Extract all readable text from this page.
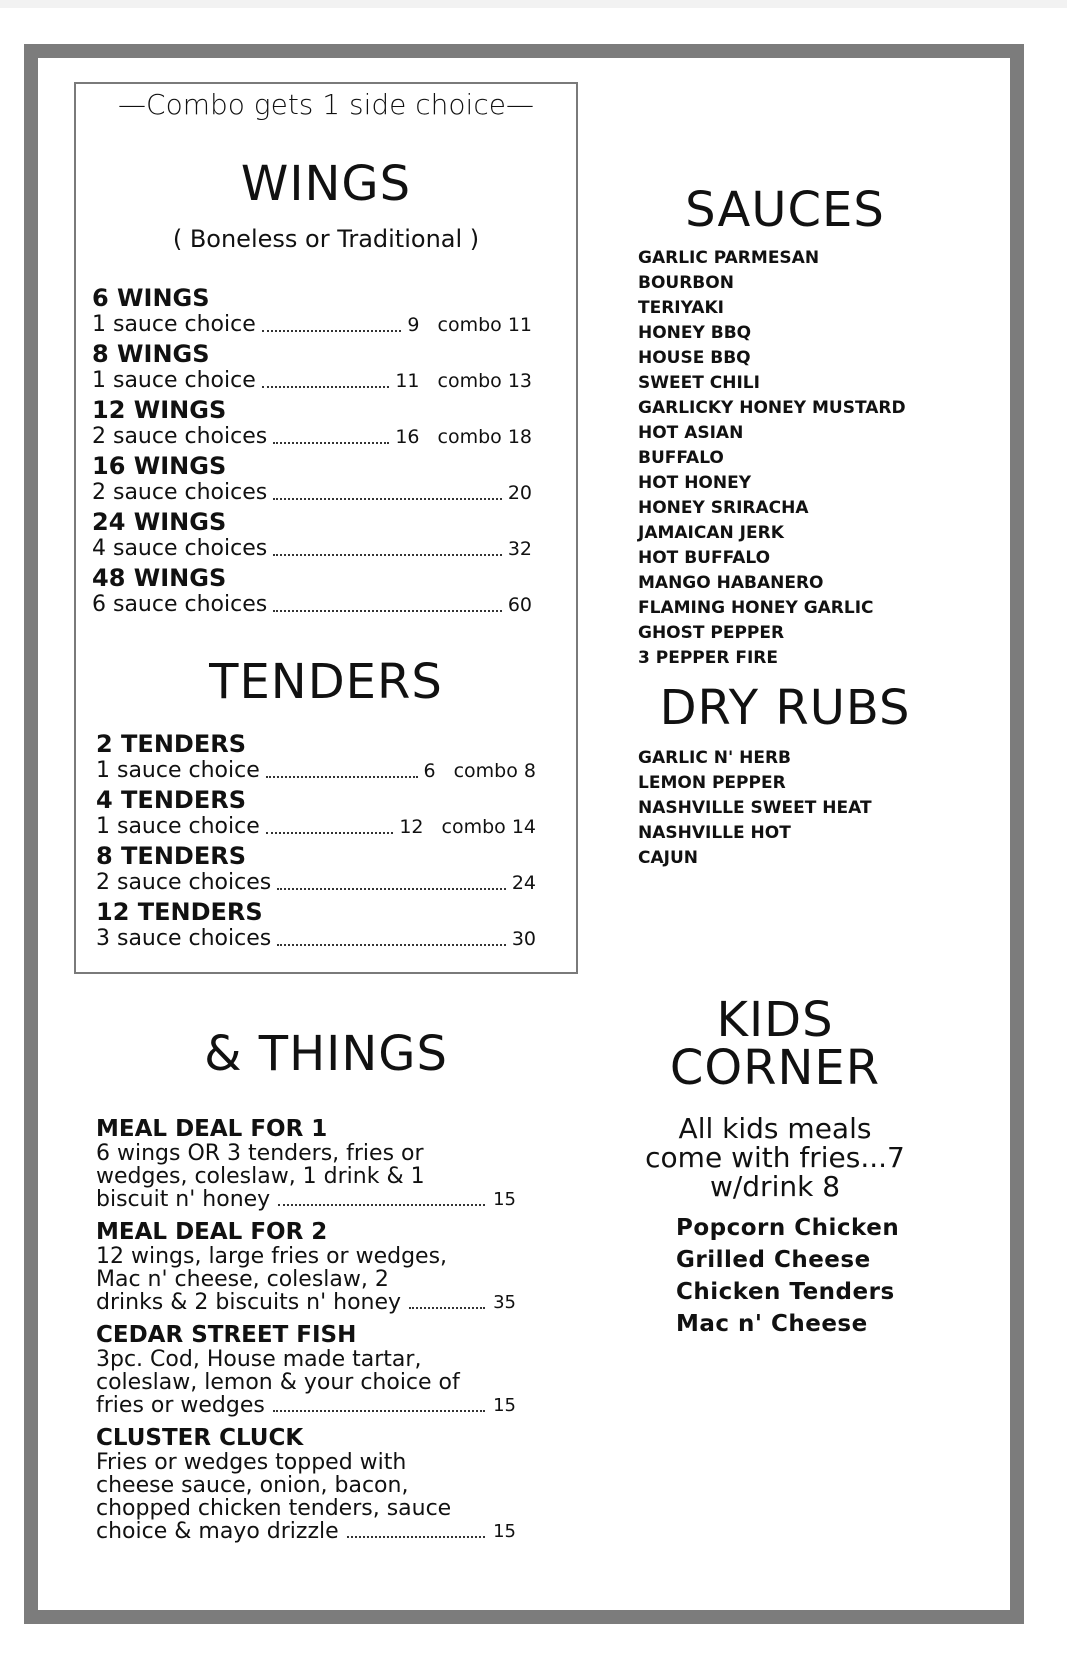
—Combo gets 1 side choice—
WINGS
( Boneless or Traditional )
6 WINGS
1 sauce choice	9 combo 11
8 WINGS
1 sauce choice	11 combo 13
12 WINGS
2 sauce choices	16 combo 18
16 WINGS
2 sauce choices	20
24 WINGS
4 sauce choices	32
48 WINGS
6 sauce choices	60
TENDERS
2 TENDERS
1 sauce choice	6 combo 8
4 TENDERS
1 sauce choice	12 combo 14
8 TENDERS
2 sauce choices	24
12 TENDERS
3 sauce choices	30
SAUCES
GARLIC PARMESAN
BOURBON
TERIYAKI
HONEY BBQ
HOUSE BBQ
SWEET CHILI
GARLICKY HONEY MUSTARD
HOT ASIAN
BUFFALO
HOT HONEY
HONEY SRIRACHA
JAMAICAN JERK
HOT BUFFALO
MANGO HABANERO
FLAMING HONEY GARLIC
GHOST PEPPER
3 PEPPER FIRE
DRY RUBS
GARLIC N' HERB
LEMON PEPPER
NASHVILLE SWEET HEAT
NASHVILLE HOT
CAJUN
& THINGS
MEAL DEAL FOR 1
6 wings OR 3 tenders, fries or
wedges, coleslaw, 1 drink & 1
biscuit n' honey	15
MEAL DEAL FOR 2
12 wings, large fries or wedges,
Mac n' cheese, coleslaw, 2
drinks & 2 biscuits n' honey	35
CEDAR STREET FISH
3pc. Cod, House made tartar,
coleslaw, lemon & your choice of
fries or wedges	15
CLUSTER CLUCK
Fries or wedges topped with
cheese sauce, onion, bacon,
chopped chicken tenders, sauce
choice & mayo drizzle	15
KIDS
CORNER
All kids meals
come with fries...7
w/drink 8
Popcorn Chicken
Grilled Cheese
Chicken Tenders
Mac n' Cheese
